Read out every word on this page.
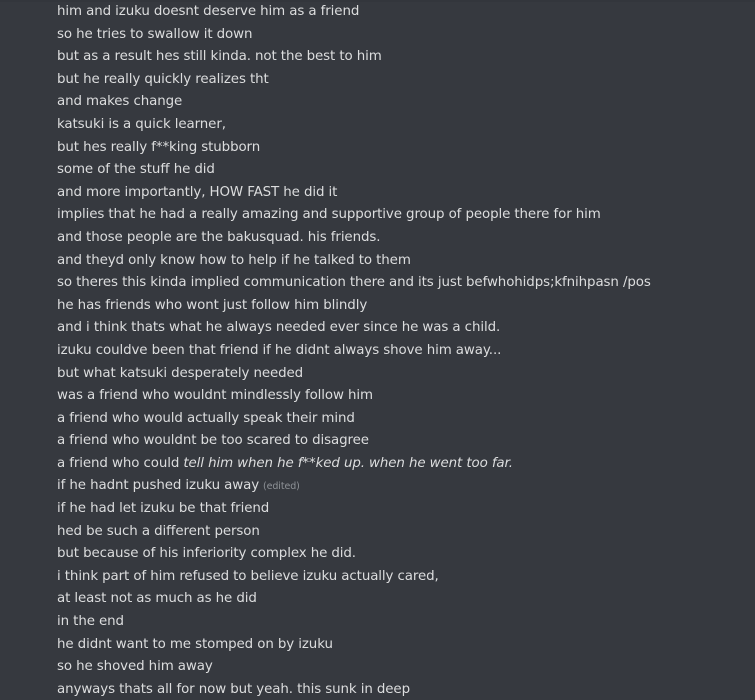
him and izuku doesnt deserve him as a friend
so he tries to swallow it down
but as a result hes still kinda. not the best to him
but he really quickly realizes tht
and makes change
katsuki is a quick learner,
but hes really f**king stubborn
some of the stuff he did
and more importantly, HOW FAST he did it
implies that he had a really amazing and supportive group of people there for him
and those people are the bakusquad. his friends.
and theyd only know how to help if he talked to them
so theres this kinda implied communication there and its just befwhohidps;kfnihpasn /pos
he has friends who wont just follow him blindly
and i think thats what he always needed ever since he was a child.
izuku couldve been that friend if he didnt always shove him away...
but what katsuki desperately needed
was a friend who wouldnt mindlessly follow him
a friend who would actually speak their mind
a friend who wouldnt be too scared to disagree
a friend who could tell him when he f**ked up. when he went too far.
if he hadnt pushed izuku away (edited)
if he had let izuku be that friend
hed be such a different person
but because of his inferiority complex he did.
i think part of him refused to believe izuku actually cared,
at least not as much as he did
in the end
he didnt want to me stomped on by izuku
so he shoved him away
anyways thats all for now but yeah. this sunk in deep
